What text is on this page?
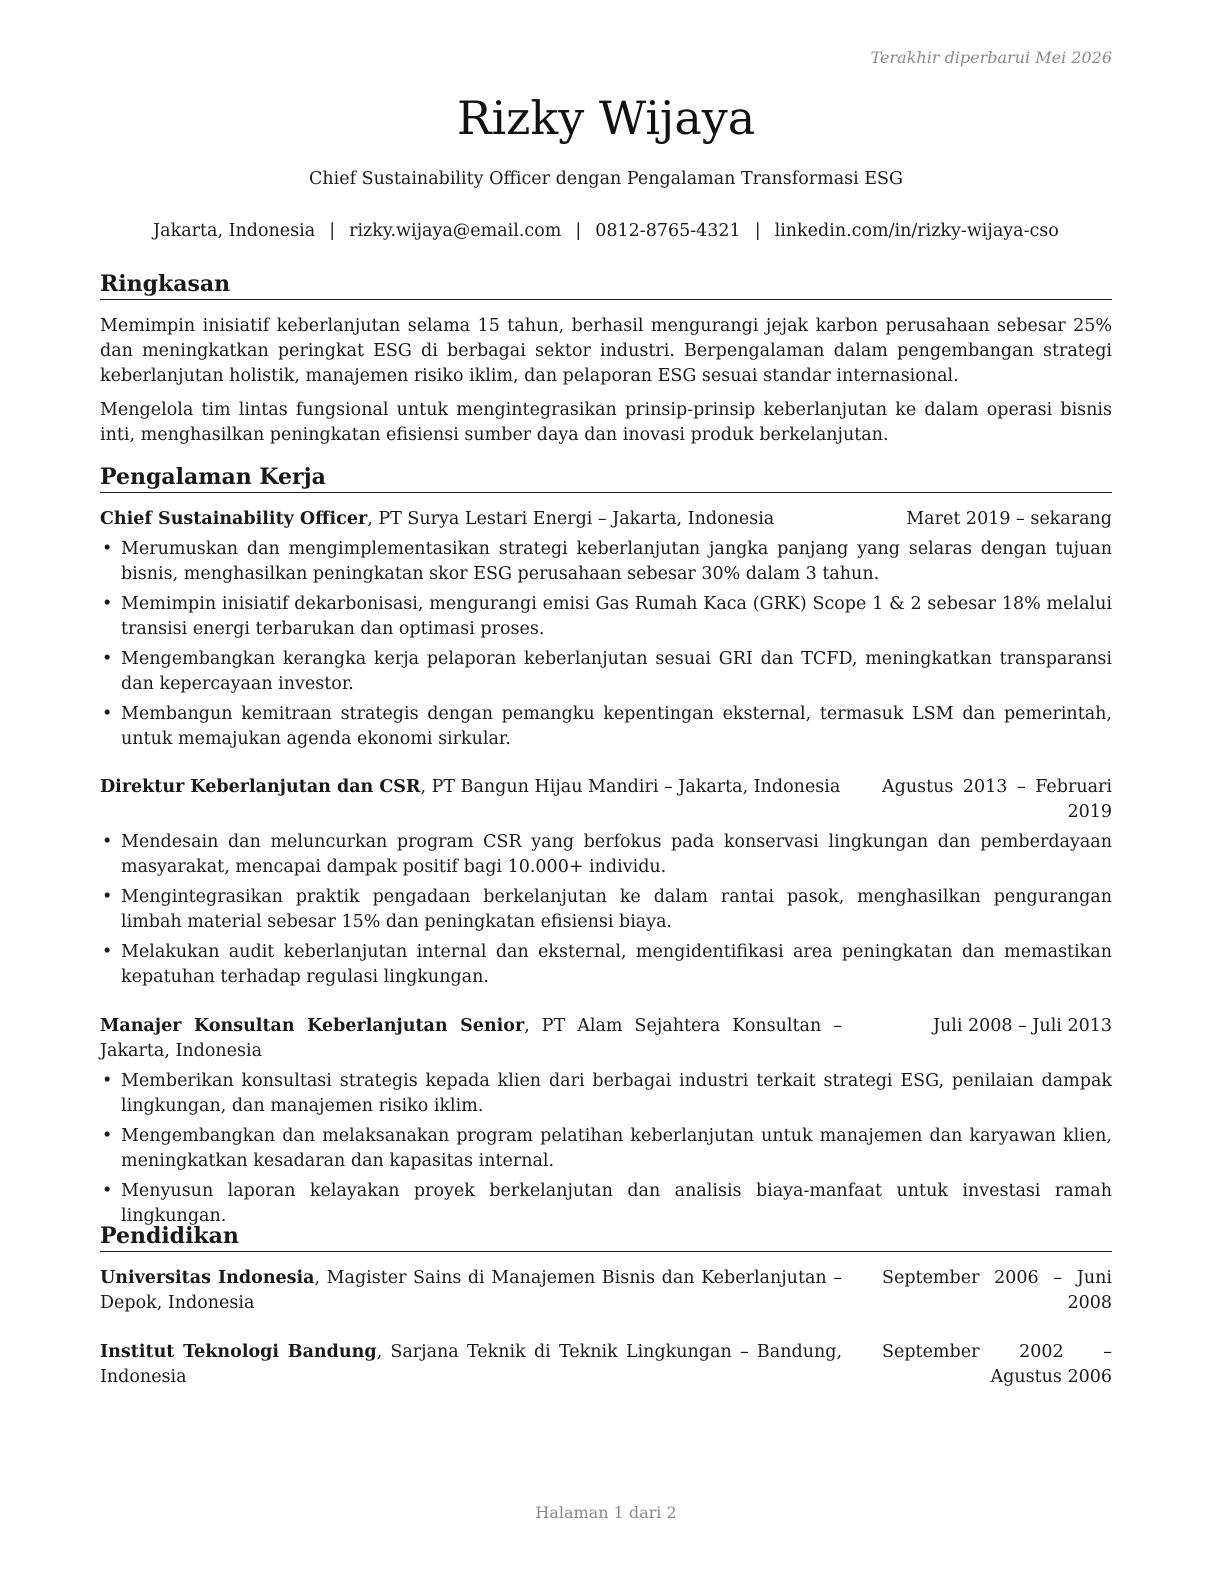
Terakhir diperbarui Mei 2026
Rizky Wijaya
Chief Sustainability Officer dengan Pengalaman Transformasi ESG
Jakarta, Indonesia | rizky.wijaya@email.com | 0812-8765-4321 | linkedin.com/in/rizky-wijaya-cso
Ringkasan
Memimpin inisiatif keberlanjutan selama 15 tahun, berhasil mengurangi jejak karbon perusahaan sebesar 25% dan meningkatkan peringkat ESG di berbagai sektor industri. Berpengalaman dalam pengembangan strategi keberlanjutan holistik, manajemen risiko iklim, dan pelaporan ESG sesuai standar internasional.
Mengelola tim lintas fungsional untuk mengintegrasikan prinsip-prinsip keberlanjutan ke dalam operasi bisnis inti, menghasilkan peningkatan efisiensi sumber daya dan inovasi produk berkelanjutan.
Pengalaman Kerja
Chief Sustainability Officer, PT Surya Lestari Energi – Jakarta, Indonesia	Maret 2019 – sekarang
• Merumuskan dan mengimplementasikan strategi keberlanjutan jangka panjang yang selaras dengan tujuan bisnis, menghasilkan peningkatan skor ESG perusahaan sebesar 30% dalam 3 tahun.
• Memimpin inisiatif dekarbonisasi, mengurangi emisi Gas Rumah Kaca (GRK) Scope 1 & 2 sebesar 18% melalui transisi energi terbarukan dan optimasi proses.
• Mengembangkan kerangka kerja pelaporan keberlanjutan sesuai GRI dan TCFD, meningkatkan transparansi dan kepercayaan investor.
• Membangun kemitraan strategis dengan pemangku kepentingan eksternal, termasuk LSM dan pemerintah, untuk memajukan agenda ekonomi sirkular.
Direktur Keberlanjutan dan CSR, PT Bangun Hijau Mandiri – Jakarta, Indonesia	Agustus 2013 – Februari 2019
• Mendesain dan meluncurkan program CSR yang berfokus pada konservasi lingkungan dan pemberdayaan masyarakat, mencapai dampak positif bagi 10.000+ individu.
• Mengintegrasikan praktik pengadaan berkelanjutan ke dalam rantai pasok, menghasilkan pengurangan limbah material sebesar 15% dan peningkatan efisiensi biaya.
• Melakukan audit keberlanjutan internal dan eksternal, mengidentifikasi area peningkatan dan memastikan kepatuhan terhadap regulasi lingkungan.
Manajer Konsultan Keberlanjutan Senior, PT Alam Sejahtera Konsultan – Jakarta, Indonesia
Juli 2008 – Juli 2013
• Memberikan konsultasi strategis kepada klien dari berbagai industri terkait strategi ESG, penilaian dampak lingkungan, dan manajemen risiko iklim.
• Mengembangkan dan melaksanakan program pelatihan keberlanjutan untuk manajemen dan karyawan klien, meningkatkan kesadaran dan kapasitas internal.
• Menyusun laporan kelayakan proyek berkelanjutan dan analisis biaya-manfaat untuk investasi ramah lingkungan.
Pendidikan
Universitas Indonesia, Magister Sains di Manajemen Bisnis dan Keberlanjutan – Depok, Indonesia
September 2006 – Juni 2008
Institut Teknologi Bandung, Sarjana Teknik di Teknik Lingkungan – Bandung, Indonesia
September 2002 – Agustus 2006
Halaman 1 dari 2
